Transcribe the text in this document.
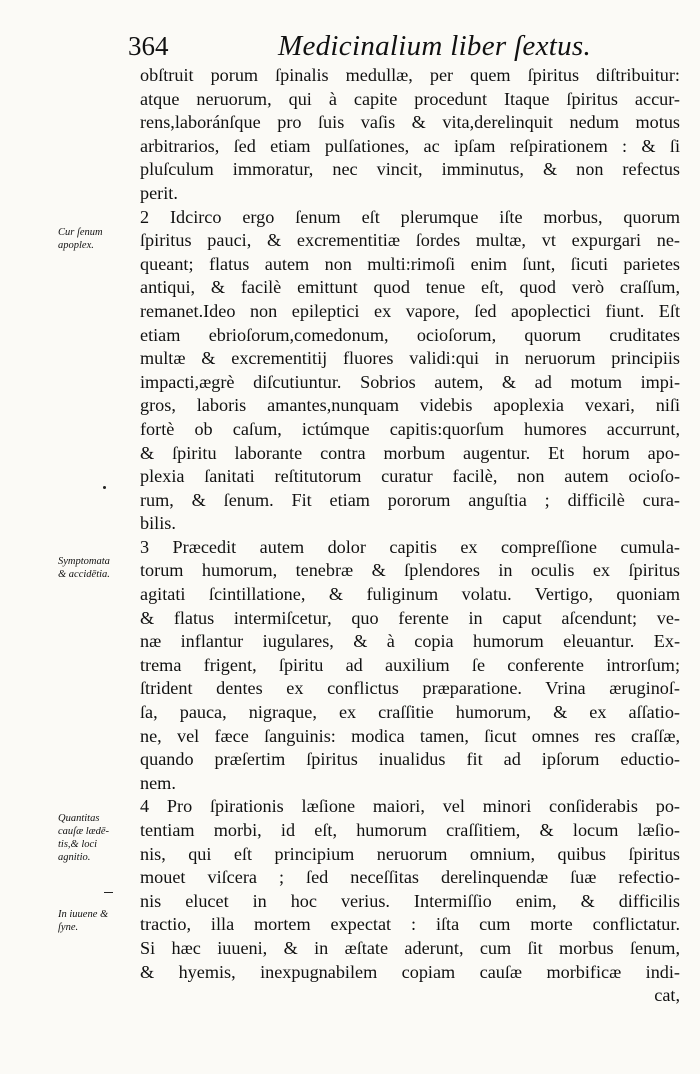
364	Medicinalium liber ſextus.
Cur ſenum
apoplex.
Symptomata
& accidētia.
Quantitas
cauſæ lædē-
tis,& loci
agnitio.
In iuuene &
ſyne.
obſtruit porum ſpinalis medullæ, per quem ſpiritus diſtribuitur:
atque neruorum, qui à capite procedunt Itaque ſpiritus accur-
rens,laboránſque pro ſuis vaſis & vita,derelinquit nedum motus
arbitrarios, ſed etiam pulſationes, ac ipſam reſpirationem : & ſi
pluſculum immoratur, nec vincit, imminutus, & non refectus
perit.
2 Idcirco ergo ſenum eſt plerumque iſte morbus, quorum
ſpiritus pauci, & excrementitiæ ſordes multæ, vt expurgari ne-
queant; flatus autem non multi:rimoſi enim ſunt, ſicuti parietes
antiqui, & facilè emittunt quod tenue eſt, quod verò craſſum,
remanet.Ideo non epileptici ex vapore, ſed apoplectici fiunt. Eſt
etiam ebrioſorum,comedonum, ocioſorum, quorum cruditates
multæ & excrementitij fluores validi:qui in neruorum principiis
impacti,ægrè diſcutiuntur. Sobrios autem, & ad motum impi-
gros, laboris amantes,nunquam videbis apoplexia vexari, niſi
fortè ob caſum, ictúmque capitis:quorſum humores accurrunt,
& ſpiritu laborante contra morbum augentur. Et horum apo-
plexia ſanitati reſtitutorum curatur facilè, non autem ocioſo-
rum, & ſenum. Fit etiam pororum anguſtia ; difficilè cura-
bilis.
3 Præcedit autem dolor capitis ex compreſſione cumula-
torum humorum, tenebræ & ſplendores in oculis ex ſpiritus
agitati ſcintillatione, & fuliginum volatu. Vertigo, quoniam
& flatus intermiſcetur, quo ferente in caput aſcendunt; ve-
næ inflantur iugulares, & à copia humorum eleuantur. Ex-
trema frigent, ſpiritu ad auxilium ſe conferente introrſum;
ſtrident dentes ex conflictus præparatione. Vrina æruginoſ-
ſa, pauca, nigraque, ex craſſitie humorum, & ex aſſatio-
ne, vel fæce ſanguinis: modica tamen, ſicut omnes res craſſæ,
quando præſertim ſpiritus inualidus fit ad ipſorum eductio-
nem.
4 Pro ſpirationis læſione maiori, vel minori conſiderabis po-
tentiam morbi, id eſt, humorum craſſitiem, & locum læſio-
nis, qui eſt principium neruorum omnium, quibus ſpiritus
mouet viſcera ; ſed neceſſitas derelinquendæ ſuæ refectio-
nis elucet in hoc verius. Intermiſſio enim, & difficilis
tractio, illa mortem expectat : iſta cum morte conflictatur.
Si hæc iuueni, & in æſtate aderunt, cum ſit morbus ſenum,
& hyemis, inexpugnabilem copiam cauſæ morbificæ indi-
cat,
